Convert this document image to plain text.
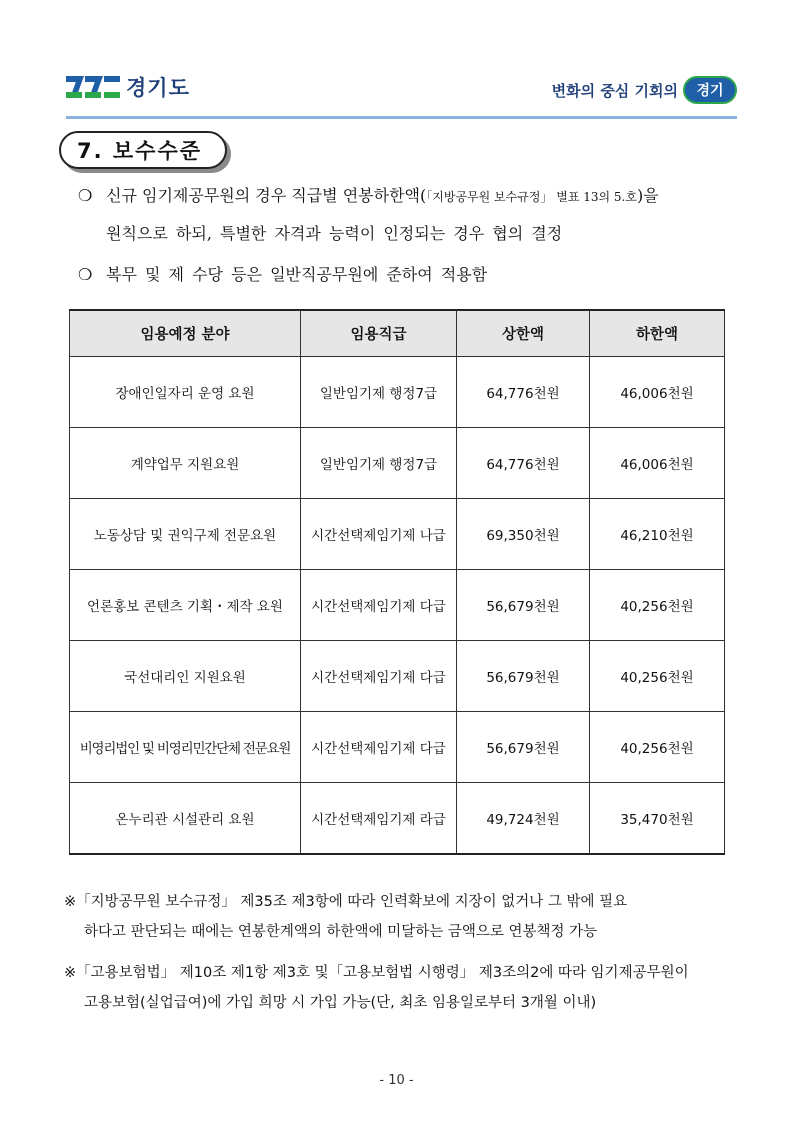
경기도	변화의 중심 기회의	경기
7. 보수수준
❍ 신규 임기제공무원의 경우 직급별 연봉하한액(「지방공무원 보수규정」 별표 13의 5.호)을
원칙으로 하되, 특별한 자격과 능력이 인정되는 경우 협의 결정
❍ 복무 및 제 수당 등은 일반직공무원에 준하여 적용함
임용예정 분야	임용직급	상한액	하한액
장애인일자리 운영 요원	일반임기제 행정7급	64,776천원	46,006천원
계약업무 지원요원	일반임기제 행정7급	64,776천원	46,006천원
노동상담 및 권익구제 전문요원	시간선택제임기제 나급	69,350천원	46,210천원
언론홍보 콘텐츠 기획・제작 요원	시간선택제임기제 다급	56,679천원	40,256천원
국선대리인 지원요원	시간선택제임기제 다급	56,679천원	40,256천원
비영리법인 및 비영리민간단체 전문요원	시간선택제임기제 다급	56,679천원	40,256천원
온누리관 시설관리 요원	시간선택제임기제 라급	49,724천원	35,470천원
※「지방공무원 보수규정」 제35조 제3항에 따라 인력확보에 지장이 없거나 그 밖에 필요
하다고 판단되는 때에는 연봉한계액의 하한액에 미달하는 금액으로 연봉책정 가능
※「고용보험법」 제10조 제1항 제3호 및「고용보험법 시행령」 제3조의2에 따라 임기제공무원이
고용보험(실업급여)에 가입 희망 시 가입 가능(단, 최초 임용일로부터 3개월 이내)
- 10 -
